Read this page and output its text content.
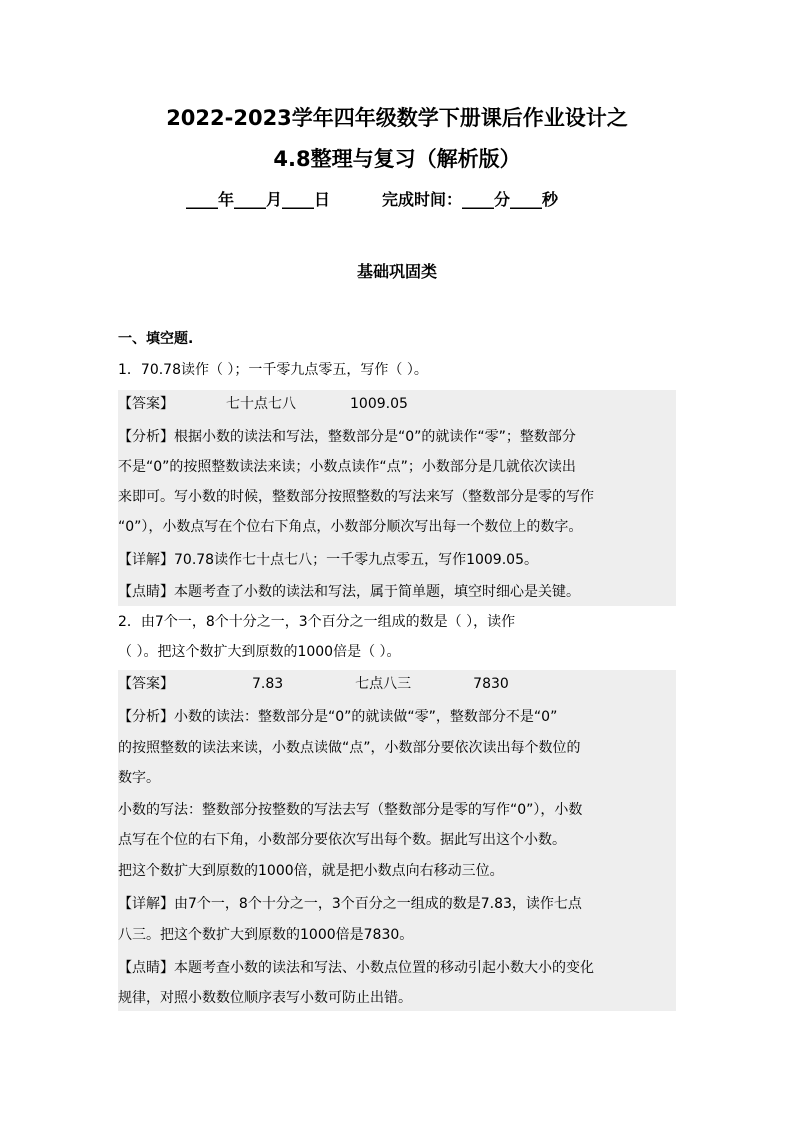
2022-2023学年四年级数学下册课后作业设计之
4.8整理与复习（解析版）
____年____月____日	完成时间：____分____秒
基础巩固类
一、填空题.
1．70.78读作（ ）；一千零九点零五，写作（ ）。
【答案】	七十点七八	1009.05
【分析】根据小数的读法和写法，整数部分是“0”的就读作“零”；整数部分
不是“0”的按照整数读法来读；小数点读作“点”；小数部分是几就依次读出
来即可。写小数的时候，整数部分按照整数的写法来写（整数部分是零的写作
“0”），小数点写在个位右下角点，小数部分顺次写出每一个数位上的数字。
【详解】70.78读作七十点七八；一千零九点零五，写作1009.05。
【点睛】本题考查了小数的读法和写法，属于简单题，填空时细心是关键。
2．由7个一，8个十分之一，3个百分之一组成的数是（ ），读作
（ ）。把这个数扩大到原数的1000倍是（ ）。
【答案】	7.83	七点八三	7830
【分析】小数的读法：整数部分是“0”的就读做“零”，整数部分不是“0”
的按照整数的读法来读，小数点读做“点”，小数部分要依次读出每个数位的
数字。
小数的写法：整数部分按整数的写法去写（整数部分是零的写作“0”），小数
点写在个位的右下角，小数部分要依次写出每个数。据此写出这个小数。
把这个数扩大到原数的1000倍，就是把小数点向右移动三位。
【详解】由7个一，8个十分之一，3个百分之一组成的数是7.83，读作七点
八三。把这个数扩大到原数的1000倍是7830。
【点睛】本题考查小数的读法和写法、小数点位置的移动引起小数大小的变化
规律，对照小数数位顺序表写小数可防止出错。
